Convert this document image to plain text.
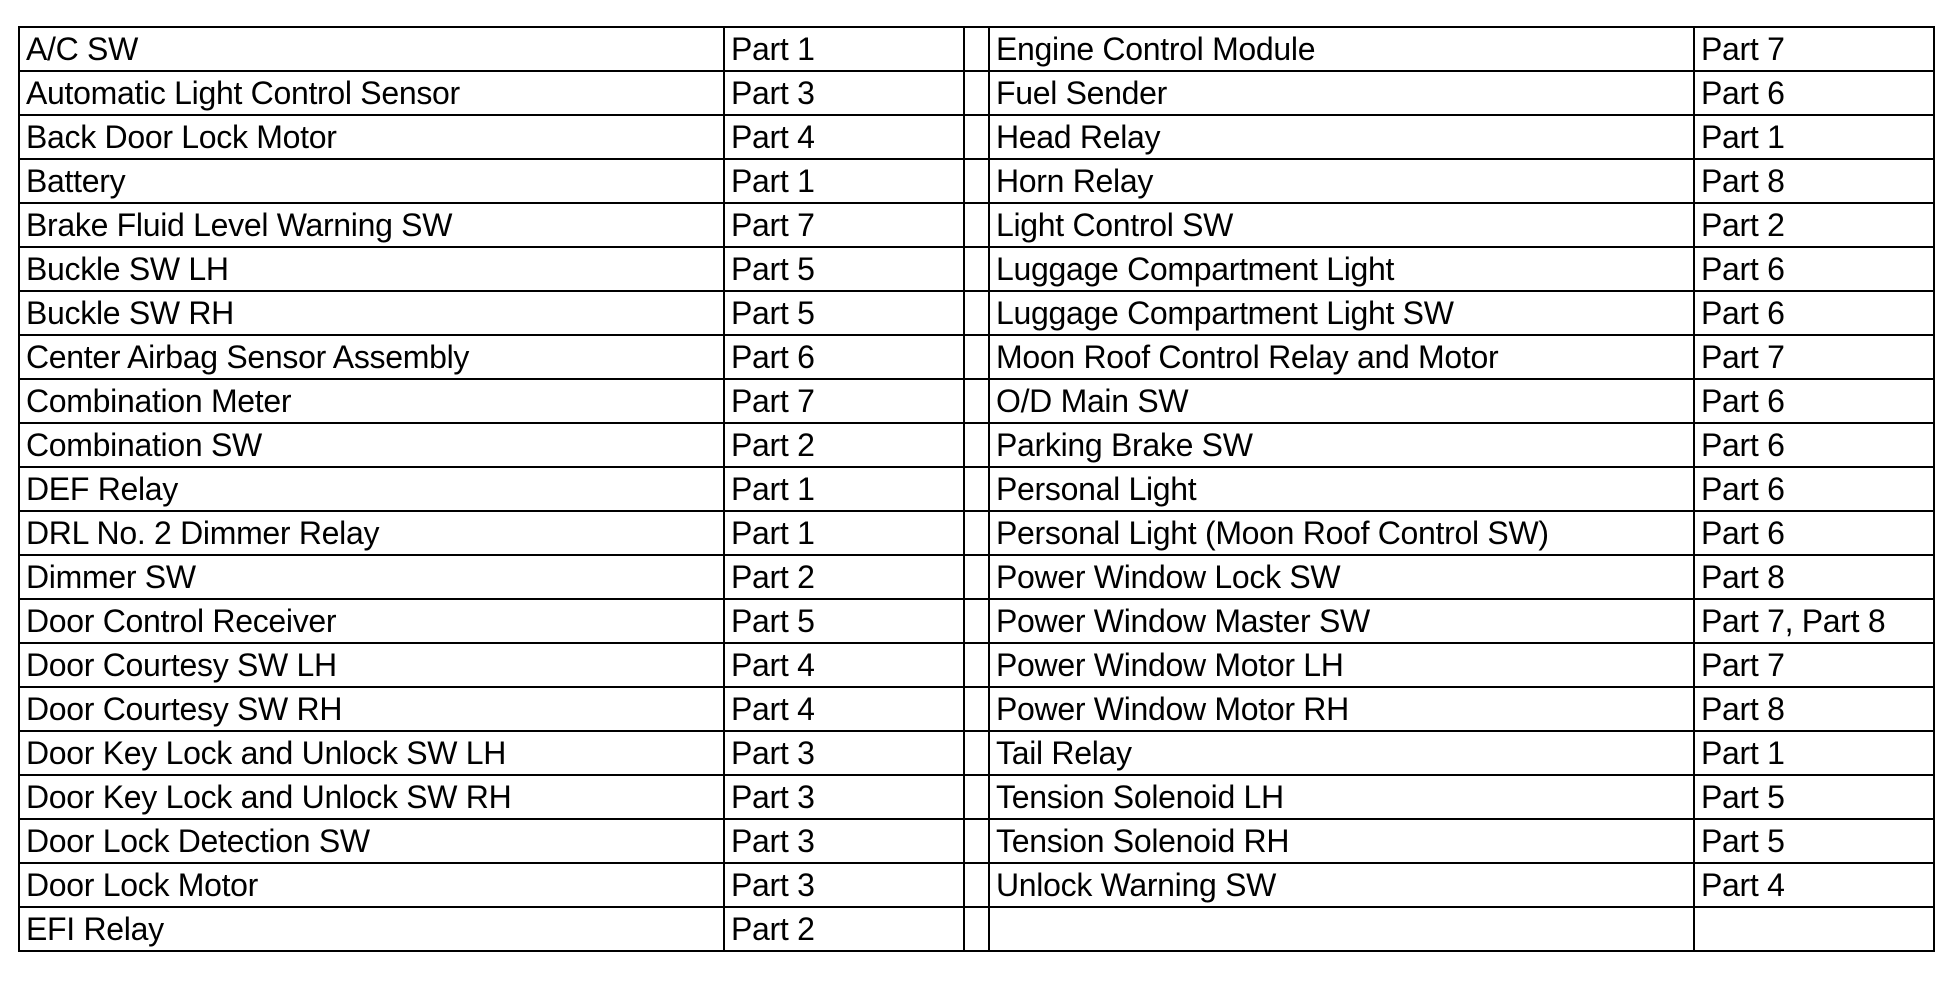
A/C SW	Part 1		Engine Control Module	Part 7
Automatic Light Control Sensor	Part 3		Fuel Sender	Part 6
Back Door Lock Motor	Part 4		Head Relay	Part 1
Battery	Part 1		Horn Relay	Part 8
Brake Fluid Level Warning SW	Part 7		Light Control SW	Part 2
Buckle SW LH	Part 5		Luggage Compartment Light	Part 6
Buckle SW RH	Part 5		Luggage Compartment Light SW	Part 6
Center Airbag Sensor Assembly	Part 6		Moon Roof Control Relay and Motor	Part 7
Combination Meter	Part 7		O/D Main SW	Part 6
Combination SW	Part 2		Parking Brake SW	Part 6
DEF Relay	Part 1		Personal Light	Part 6
DRL No. 2 Dimmer Relay	Part 1		Personal Light (Moon Roof Control SW)	Part 6
Dimmer SW	Part 2		Power Window Lock SW	Part 8
Door Control Receiver	Part 5		Power Window Master SW	Part 7, Part 8
Door Courtesy SW LH	Part 4		Power Window Motor LH	Part 7
Door Courtesy SW RH	Part 4		Power Window Motor RH	Part 8
Door Key Lock and Unlock SW LH	Part 3		Tail Relay	Part 1
Door Key Lock and Unlock SW RH	Part 3		Tension Solenoid LH	Part 5
Door Lock Detection SW	Part 3		Tension Solenoid RH	Part 5
Door Lock Motor	Part 3		Unlock Warning SW	Part 4
EFI Relay	Part 2			
